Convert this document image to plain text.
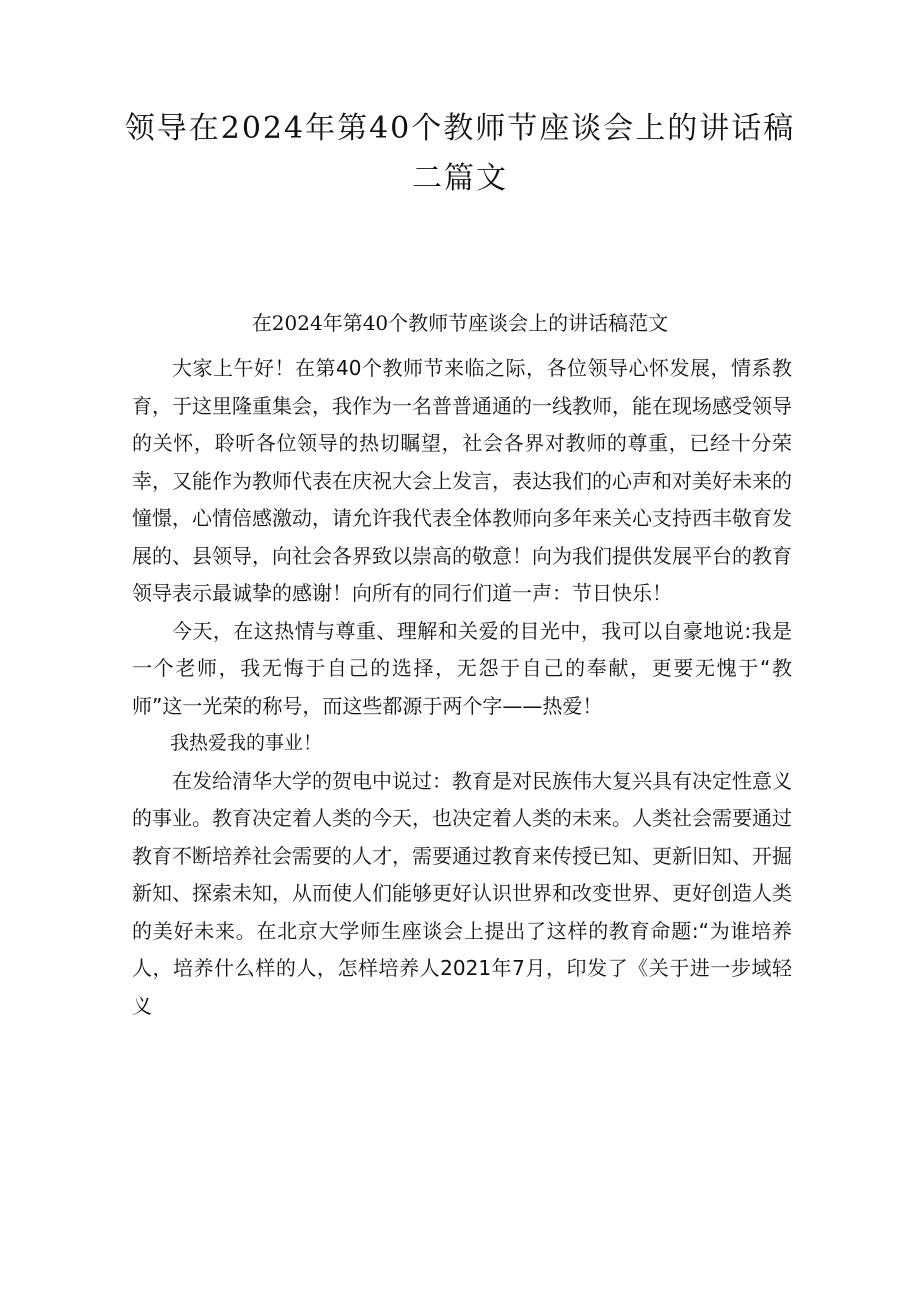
领导在2024年第40个教师节座谈会上的讲话稿
二篇文
在2024年第40个教师节座谈会上的讲话稿范文

大家上午好！在第40个教师节来临之际，各位领导心怀发展，情系教育，于这里隆重集会，我作为一名普普通通的一线教师，能在现场感受领导的关怀，聆听各位领导的热切瞩望，社会各界对教师的尊重，已经十分荣幸，又能作为教师代表在庆祝大会上发言，表达我们的心声和对美好未来的憧憬，心情倍感激动，请允许我代表全体教师向多年来关心支持西丰敬育发展的、县领导，向社会各界致以崇高的敬意！向为我们提供发展平台的教育领导表示最诚挚的感谢！向所有的同行们道一声：节日快乐！

今天，在这热情与尊重、理解和关爱的目光中，我可以自豪地说:我是一个老师，我无悔于自己的选择，无怨于自己的奉献，更要无愧于“教师”这一光荣的称号，而这些都源于两个字——热爱！

我热爱我的事业！

在发给清华大学的贺电中说过：教育是对民族伟大复兴具有决定性意义的事业。教育决定着人类的今天，也决定着人类的未来。人类社会需要通过教育不断培养社会需要的人才，需要通过教育来传授已知、更新旧知、开掘新知、探索未知，从而使人们能够更好认识世界和改变世界、更好创造人类的美好未来。在北京大学师生座谈会上提出了这样的教育命题:“为谁培养人，培养什么样的人，怎样培养人2021年7月，印发了《关于进一步域轻义
